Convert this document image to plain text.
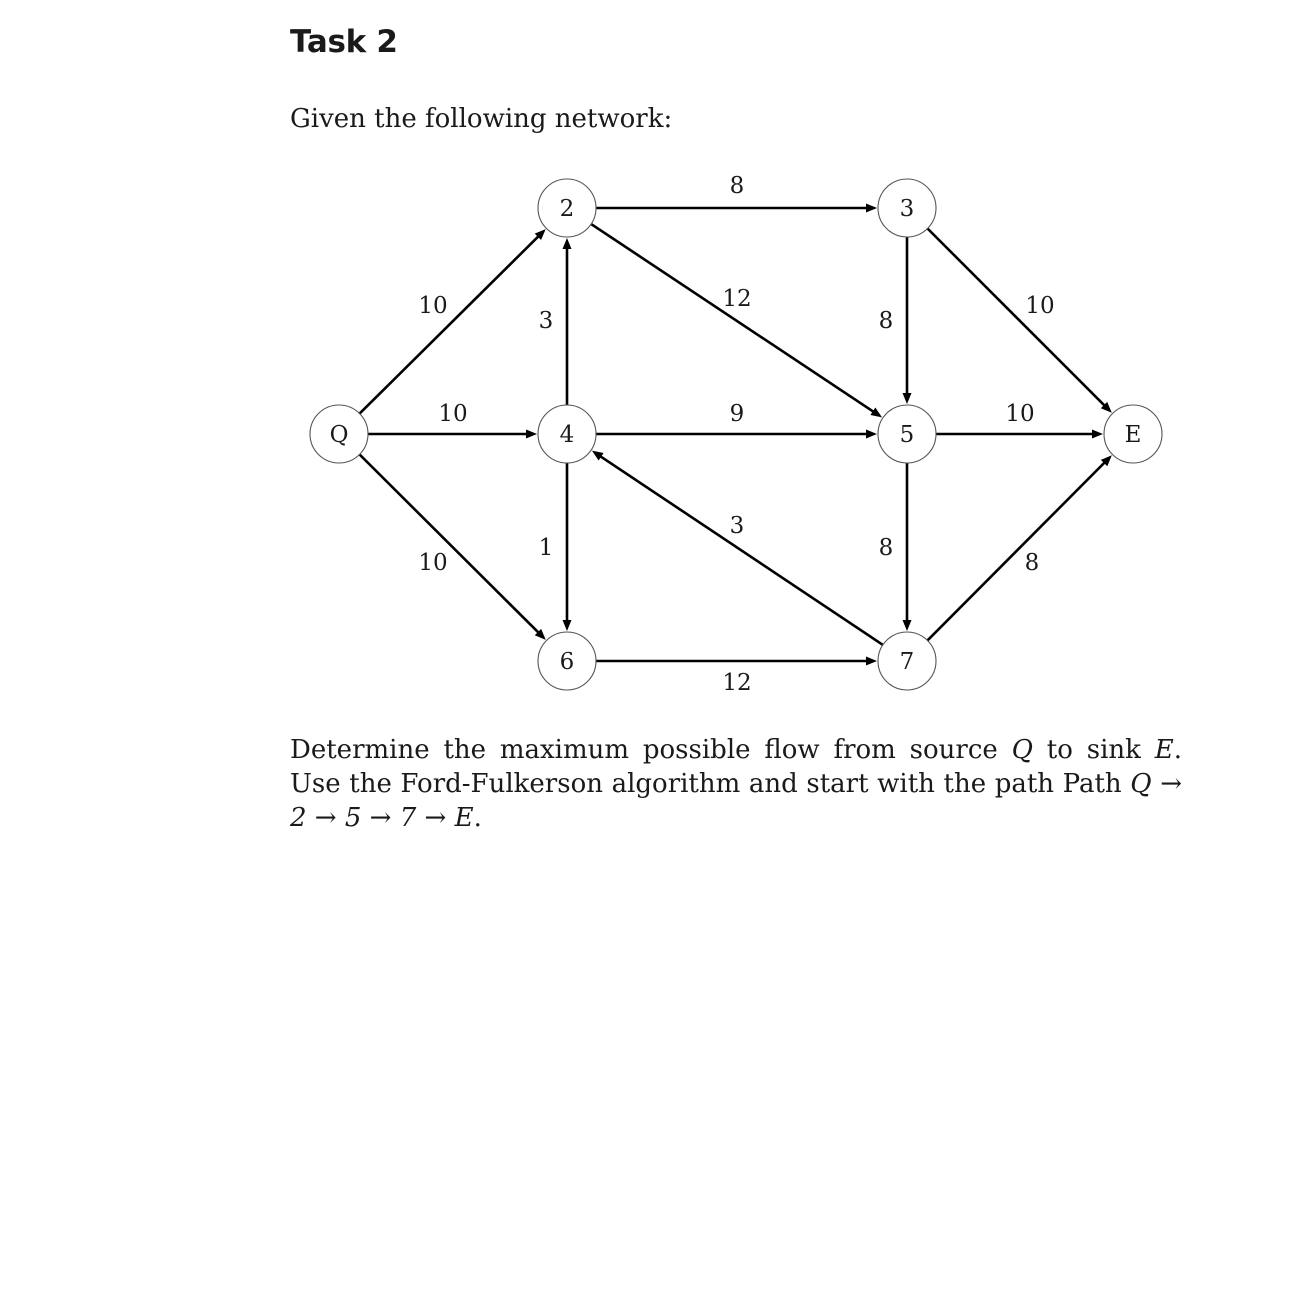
Task 2
Given the following network:
10
10
10
3
8
12
8
10
9	10
1
3
8
8
12
Q
2	3
4	5	E
6	7
Determine the maximum possible flow from source Q to sink E. Use the Ford-Fulkerson algorithm and start with the path Path Q → 2 → 5 → 7 → E.
